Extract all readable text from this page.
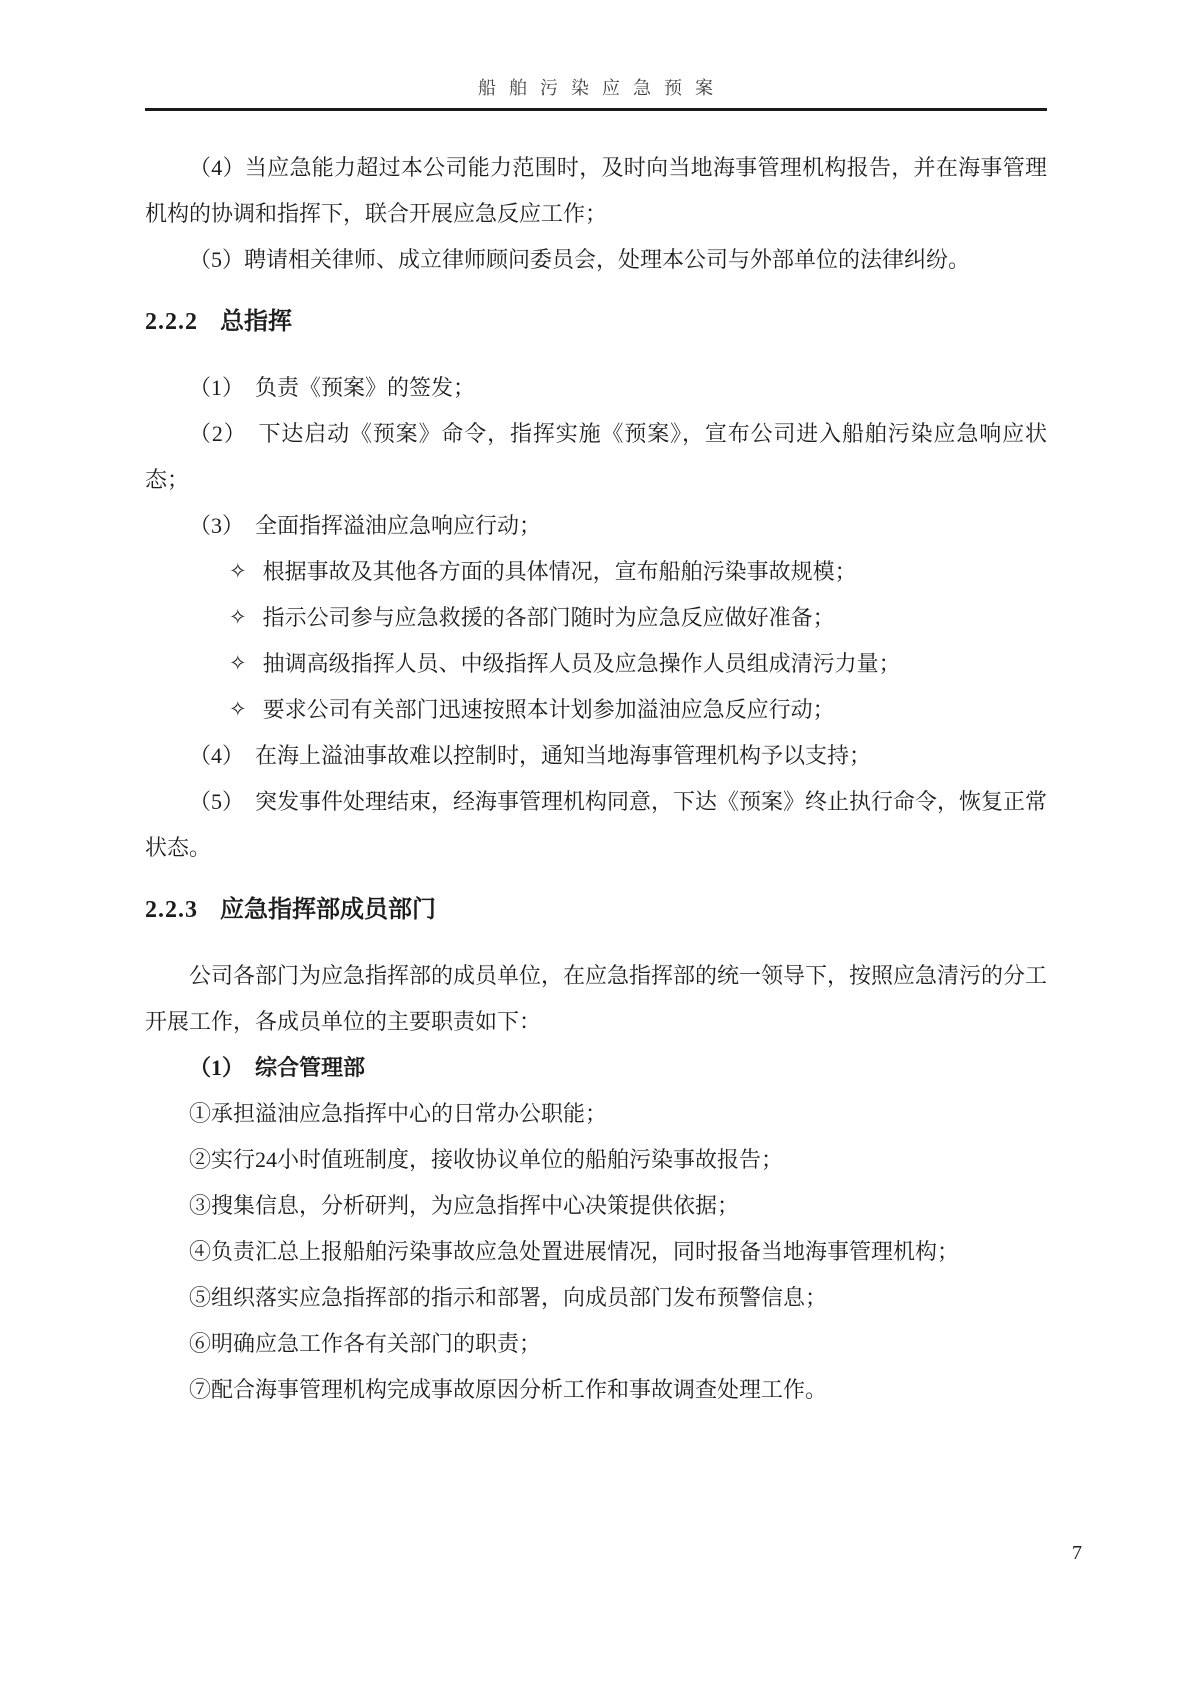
船舶污染应急预案

（4）当应急能力超过本公司能力范围时，及时向当地海事管理机构报告，并在海事管理机构的协调和指挥下，联合开展应急反应工作；

（5）聘请相关律师、成立律师顾问委员会，处理本公司与外部单位的法律纠纷。

2.2.2 总指挥

（1）　负责《预案》的签发；

（2）　下达启动《预案》命令，指挥实施《预案》，宣布公司进入船舶污染应急响应状态；

（3）　全面指挥溢油应急响应行动；

✧ 根据事故及其他各方面的具体情况，宣布船舶污染事故规模；

✧ 指示公司参与应急救援的各部门随时为应急反应做好准备；

✧ 抽调高级指挥人员、中级指挥人员及应急操作人员组成清污力量；

✧ 要求公司有关部门迅速按照本计划参加溢油应急反应行动；

（4）　在海上溢油事故难以控制时，通知当地海事管理机构予以支持；

（5）　突发事件处理结束，经海事管理机构同意，下达《预案》终止执行命令，恢复正常状态。

2.2.3 应急指挥部成员部门

公司各部门为应急指挥部的成员单位，在应急指挥部的统一领导下，按照应急清污的分工开展工作，各成员单位的主要职责如下：

（1）　综合管理部

①承担溢油应急指挥中心的日常办公职能；

②实行24小时值班制度，接收协议单位的船舶污染事故报告；

③搜集信息，分析研判，为应急指挥中心决策提供依据；

④负责汇总上报船舶污染事故应急处置进展情况，同时报备当地海事管理机构；

⑤组织落实应急指挥部的指示和部署，向成员部门发布预警信息；

⑥明确应急工作各有关部门的职责；

⑦配合海事管理机构完成事故原因分析工作和事故调查处理工作。

7
